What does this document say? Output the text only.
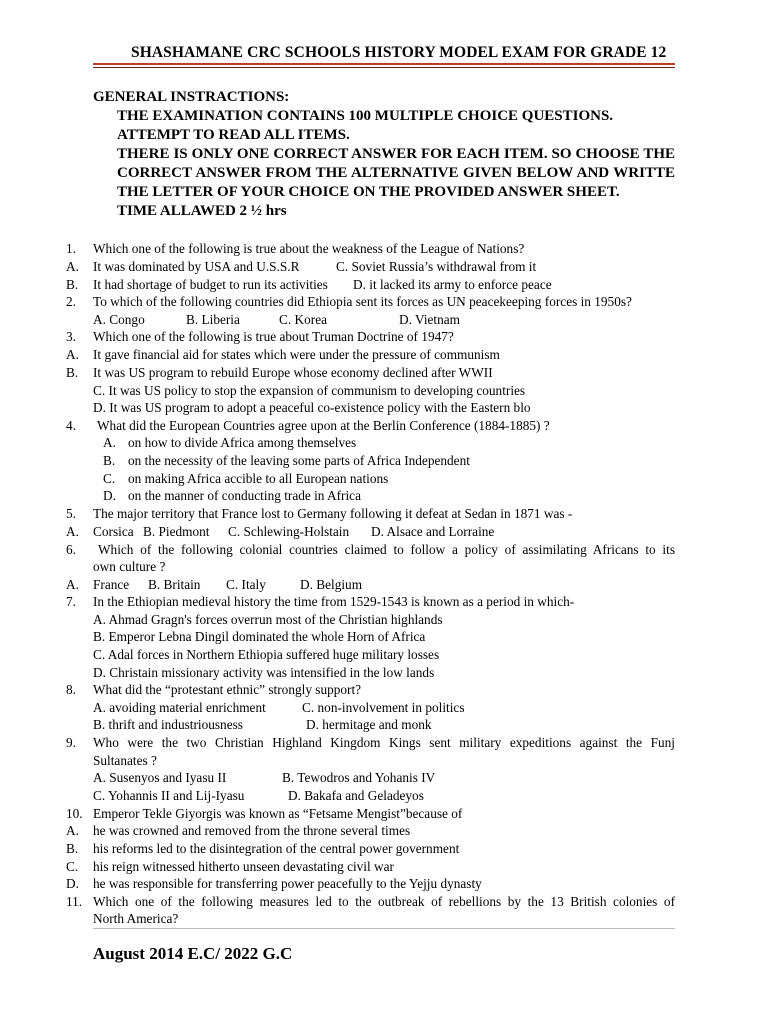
SHASHAMANE CRC SCHOOLS HISTORY MODEL EXAM FOR GRADE 12
GENERAL INSTRACTIONS:

THE EXAMINATION CONTAINS 100 MULTIPLE CHOICE QUESTIONS.

ATTEMPT TO READ ALL ITEMS.

THERE IS ONLY ONE CORRECT ANSWER FOR EACH ITEM. SO CHOOSE THE CORRECT ANSWER FROM THE ALTERNATIVE GIVEN BELOW AND WRITTE THE LETTER OF YOUR CHOICE ON THE PROVIDED ANSWER SHEET.

TIME ALLAWED 2 ½ hrs

1. Which one of the following is true about the weakness of the League of Nations?
A. It was dominated by USA and U.S.S.R	C. Soviet Russia’s withdrawal from it
B. It had shortage of budget to run its activities D. it lacked its army to enforce peace
2. To which of the following countries did Ethiopia sent its forces as UN peacekeeping forces in 1950s?
A. Congo	B. Liberia	C. Korea	D. Vietnam
3. Which one of the following is true about Truman Doctrine of 1947?
A. It gave financial aid for states which were under the pressure of communism
B. It was US program to rebuild Europe whose economy declined after WWII
C. It was US policy to stop the expansion of communism to developing countries
D. It was US program to adopt a peaceful co-existence policy with the Eastern blo
4. What did the European Countries agree upon at the Berlin Conference (1884-1885) ?
A. on how to divide Africa among themselves
B. on the necessity of the leaving some parts of Africa Independent
C. on making Africa accible to all European nations
D. on the manner of conducting trade in Africa
5. The major territory that France lost to Germany following it defeat at Sedan in 1871 was -
A. Corsica B. Piedmont C. Schlewing-Holstain D. Alsace and Lorraine
6. Which of the following colonial countries claimed to follow a policy of assimilating Africans to its
own culture ?
A. France B. Britain C. Italy	D. Belgium
7. In the Ethiopian medieval history the time from 1529-1543 is known as a period in which-
A. Ahmad Gragn's forces overrun most of the Christian highlands
B. Emperor Lebna Dingil dominated the whole Horn of Africa
C. Adal forces in Northern Ethiopia suffered huge military losses
D. Christain missionary activity was intensified in the low lands
8. What did the “protestant ethnic” strongly support?
A. avoiding material enrichment	C. non-involvement in politics
B. thrift and industriousness	D. hermitage and monk
9. Who were the two Christian Highland Kingdom Kings sent military expeditions against the Funj
Sultanates ?
A. Susenyos and Iyasu II	B. Tewodros and Yohanis IV
C. Yohannis II and Lij-Iyasu	D. Bakafa and Geladeyos
10. Emperor Tekle Giyorgis was known as “Fetsame Mengist”because of
A. he was crowned and removed from the throne several times
B. his reforms led to the disintegration of the central power government
C. his reign witnessed hitherto unseen devastating civil war
D. he was responsible for transferring power peacefully to the Yejju dynasty
11. Which one of the following measures led to the outbreak of rebellions by the 13 British colonies of
North America?
August 2014 E.C/ 2022 G.C
